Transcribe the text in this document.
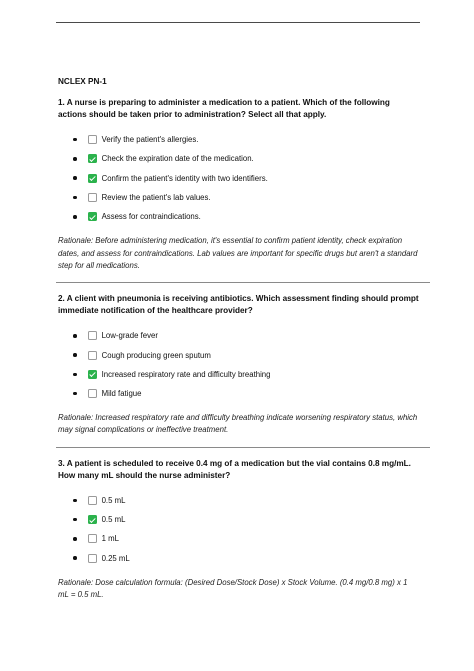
NCLEX PN-1
1. A nurse is preparing to administer a medication to a patient. Which of the following actions should be taken prior to administration? Select all that apply.
Verify the patient's allergies.
Check the expiration date of the medication.
Confirm the patient's identity with two identifiers.
Review the patient's lab values.
Assess for contraindications.

Rationale: Before administering medication, it's essential to confirm patient identity, check expiration dates, and assess for contraindications. Lab values are important for specific drugs but aren't a standard step for all medications.

2. A client with pneumonia is receiving antibiotics. Which assessment finding should prompt immediate notification of the healthcare provider?
Low-grade fever
Cough producing green sputum
Increased respiratory rate and difficulty breathing
Mild fatigue

Rationale: Increased respiratory rate and difficulty breathing indicate worsening respiratory status, which may signal complications or ineffective treatment.

3. A patient is scheduled to receive 0.4 mg of a medication but the vial contains 0.8 mg/mL. How many mL should the nurse administer?
0.5 mL
0.5 mL
1 mL
0.25 mL

Rationale: Dose calculation formula: (Desired Dose/Stock Dose) x Stock Volume. (0.4 mg/0.8 mg) x 1 mL = 0.5 mL.
